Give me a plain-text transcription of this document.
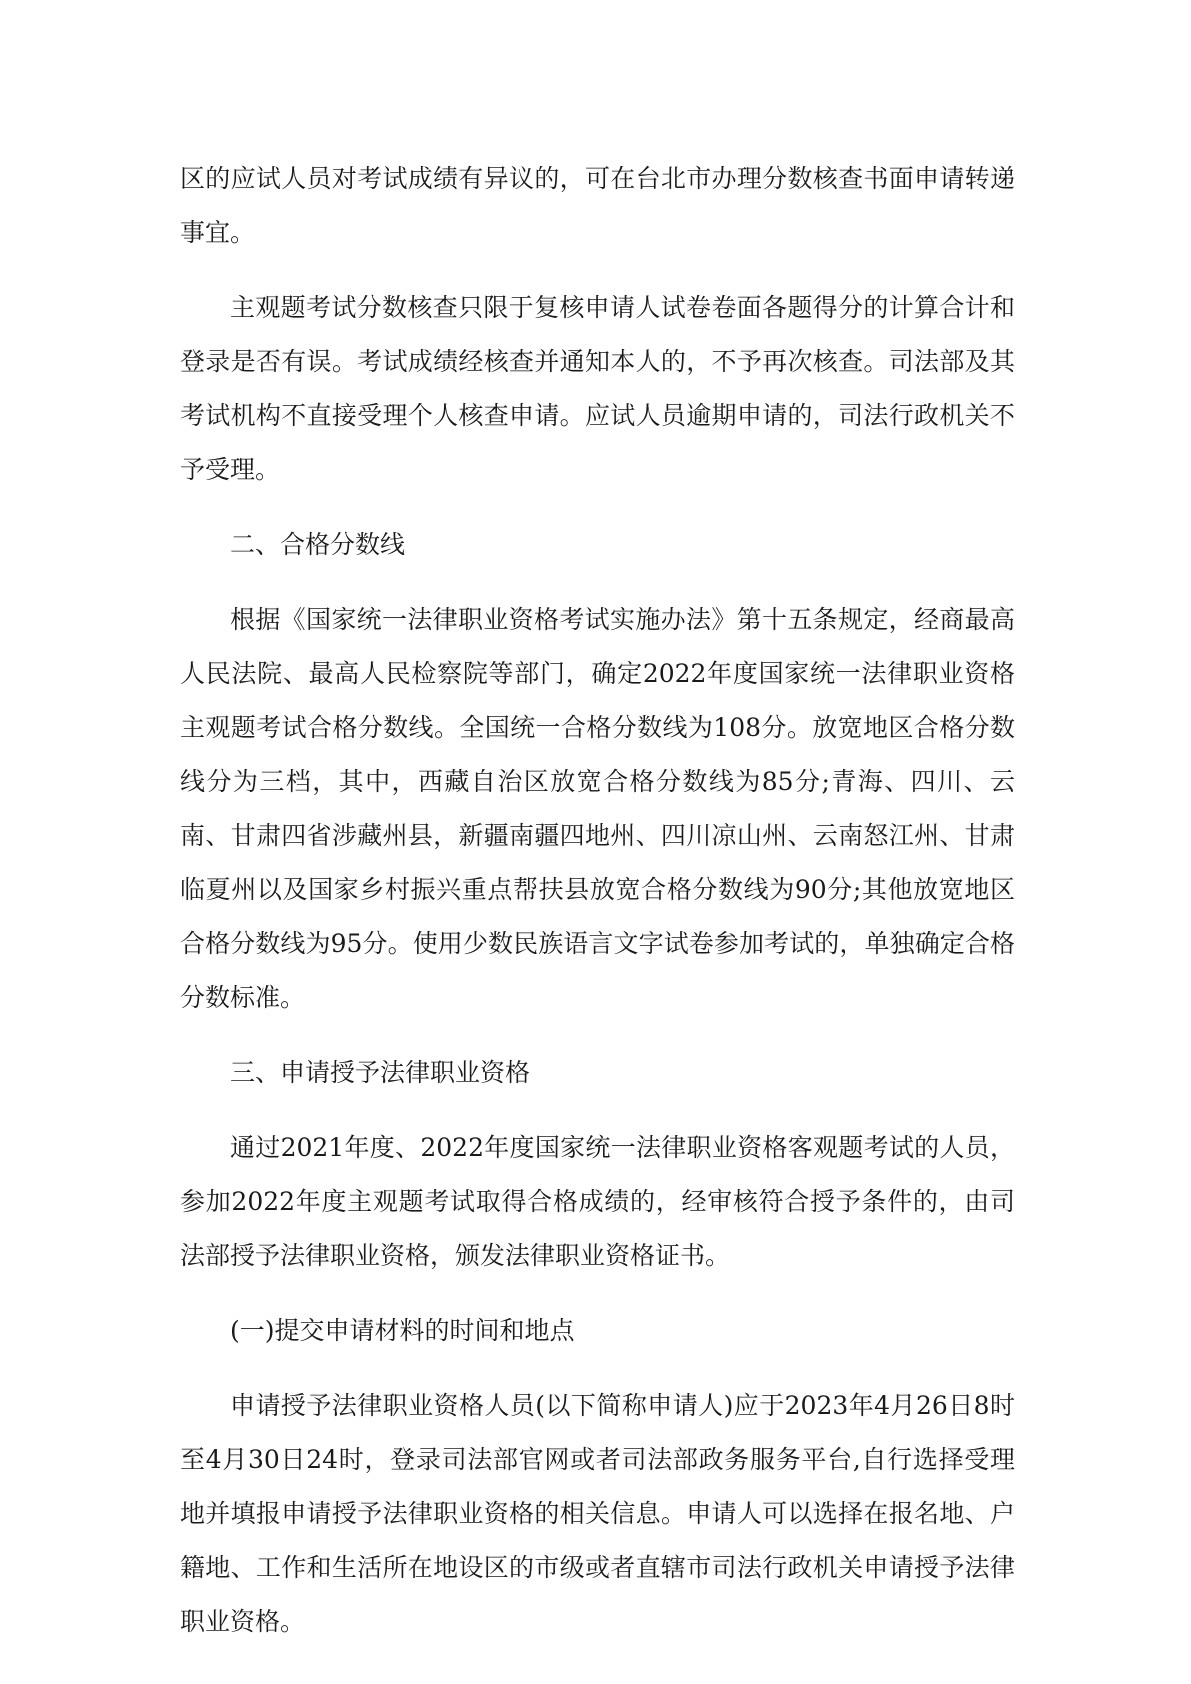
区的应试人员对考试成绩有异议的，可在台北市办理分数核查书面申请转递事宜。

主观题考试分数核查只限于复核申请人试卷卷面各题得分的计算合计和登录是否有误。考试成绩经核查并通知本人的，不予再次核查。司法部及其考试机构不直接受理个人核查申请。应试人员逾期申请的，司法行政机关不予受理。

二、合格分数线

根据《国家统一法律职业资格考试实施办法》第十五条规定，经商最高人民法院、最高人民检察院等部门，确定2022年度国家统一法律职业资格主观题考试合格分数线。全国统一合格分数线为108分。放宽地区合格分数线分为三档，其中，西藏自治区放宽合格分数线为85分;青海、四川、云南、甘肃四省涉藏州县，新疆南疆四地州、四川凉山州、云南怒江州、甘肃临夏州以及国家乡村振兴重点帮扶县放宽合格分数线为90分;其他放宽地区合格分数线为95分。使用少数民族语言文字试卷参加考试的，单独确定合格分数标准。

三、申请授予法律职业资格

通过2021年度、2022年度国家统一法律职业资格客观题考试的人员，参加2022年度主观题考试取得合格成绩的，经审核符合授予条件的，由司法部授予法律职业资格，颁发法律职业资格证书。

(一)提交申请材料的时间和地点

申请授予法律职业资格人员(以下简称申请人)应于2023年4月26日8时至4月30日24时，登录司法部官网或者司法部政务服务平台,自行选择受理地并填报申请授予法律职业资格的相关信息。申请人可以选择在报名地、户籍地、工作和生活所在地设区的市级或者直辖市司法行政机关申请授予法律职业资格。
